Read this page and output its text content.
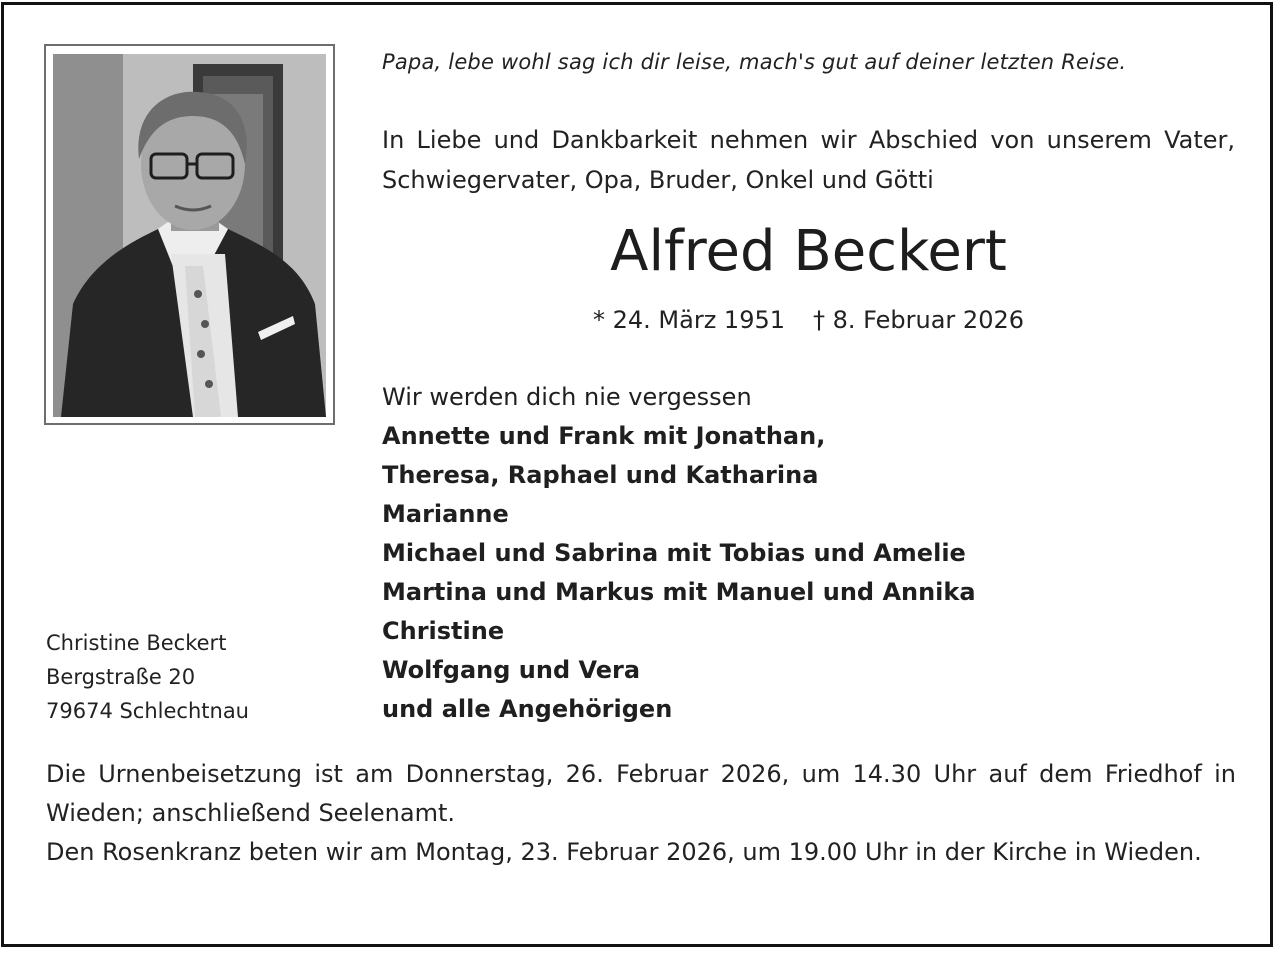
Papa, lebe wohl sag ich dir leise, mach's gut auf deiner letzten Reise.
In Liebe und Dankbarkeit nehmen wir Abschied von unserem Vater, Schwiegervater, Opa, Bruder, Onkel und Götti
Alfred Beckert
* 24. März 1951 † 8. Februar 2026
Wir werden dich nie vergessen
Annette und Frank mit Jonathan,
Theresa, Raphael und Katharina
Marianne
Michael und Sabrina mit Tobias und Amelie
Martina und Markus mit Manuel und Annika
Christine
Wolfgang und Vera
und alle Angehörigen
Christine Beckert
Bergstraße 20
79674 Schlechtnau

Die Urnenbeisetzung ist am Donnerstag, 26. Februar 2026, um 14.30 Uhr auf dem Friedhof in Wieden; anschließend Seelenamt.

Den Rosenkranz beten wir am Montag, 23. Februar 2026, um 19.00 Uhr in der Kirche in Wieden.
